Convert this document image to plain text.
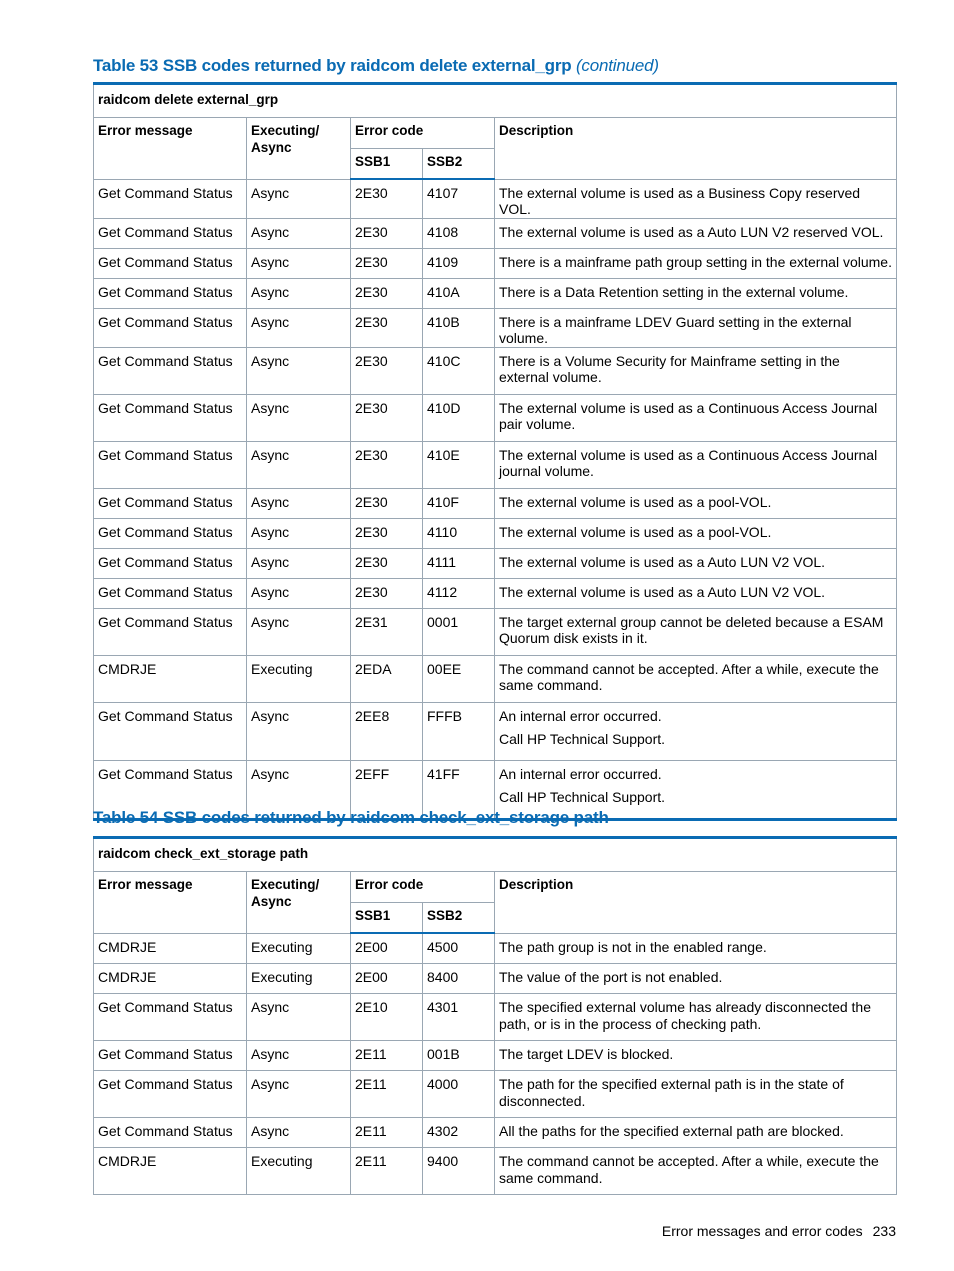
Table 53 SSB codes returned by raidcom delete external_grp (continued)
raidcom delete external_grp				
Error message	Executing/ Async	Error code		Description
		SSB1	SSB2	
Get Command Status	Async	2E30	4107	The external volume is used as a Business Copy reserved VOL.
Get Command Status	Async	2E30	4108	The external volume is used as a Auto LUN V2 reserved VOL.
Get Command Status	Async	2E30	4109	There is a mainframe path group setting in the external volume.
Get Command Status	Async	2E30	410A	There is a Data Retention setting in the external volume.
Get Command Status	Async	2E30	410B	There is a mainframe LDEV Guard setting in the external volume.
Get Command Status	Async	2E30	410C	There is a Volume Security for Mainframe setting in the external volume.
Get Command Status	Async	2E30	410D	The external volume is used as a Continuous Access Journal pair volume.
Get Command Status	Async	2E30	410E	The external volume is used as a Continuous Access Journal journal volume.
Get Command Status	Async	2E30	410F	The external volume is used as a pool-VOL.
Get Command Status	Async	2E30	4110	The external volume is used as a pool-VOL.
Get Command Status	Async	2E30	4111	The external volume is used as a Auto LUN V2 VOL.
Get Command Status	Async	2E30	4112	The external volume is used as a Auto LUN V2 VOL.
Get Command Status	Async	2E31	0001	The target external group cannot be deleted because a ESAM Quorum disk exists in it.
CMDRJE	Executing	2EDA	00EE	The command cannot be accepted. After a while, execute the same command.
Get Command Status	Async	2EE8	FFFB	An internal error occurred.
Call HP Technical Support.

Get Command Status	Async	2EFF	41FF	An internal error occurred.
Call HP Technical Support.
Table 54 SSB codes returned by raidcom check_ext_storage path
raidcom check_ext_storage path				
Error message	Executing/ Async	Error code		Description
		SSB1	SSB2	
CMDRJE	Executing	2E00	4500	The path group is not in the enabled range.
CMDRJE	Executing	2E00	8400	The value of the port is not enabled.
Get Command Status	Async	2E10	4301	The specified external volume has already disconnected the path, or is in the process of checking path.
Get Command Status	Async	2E11	001B	The target LDEV is blocked.
Get Command Status	Async	2E11	4000	The path for the specified external path is in the state of disconnected.
Get Command Status	Async	2E11	4302	All the paths for the specified external path are blocked.
CMDRJE	Executing	2E11	9400	The command cannot be accepted. After a while, execute the same command.
Error messages and error codes 233
